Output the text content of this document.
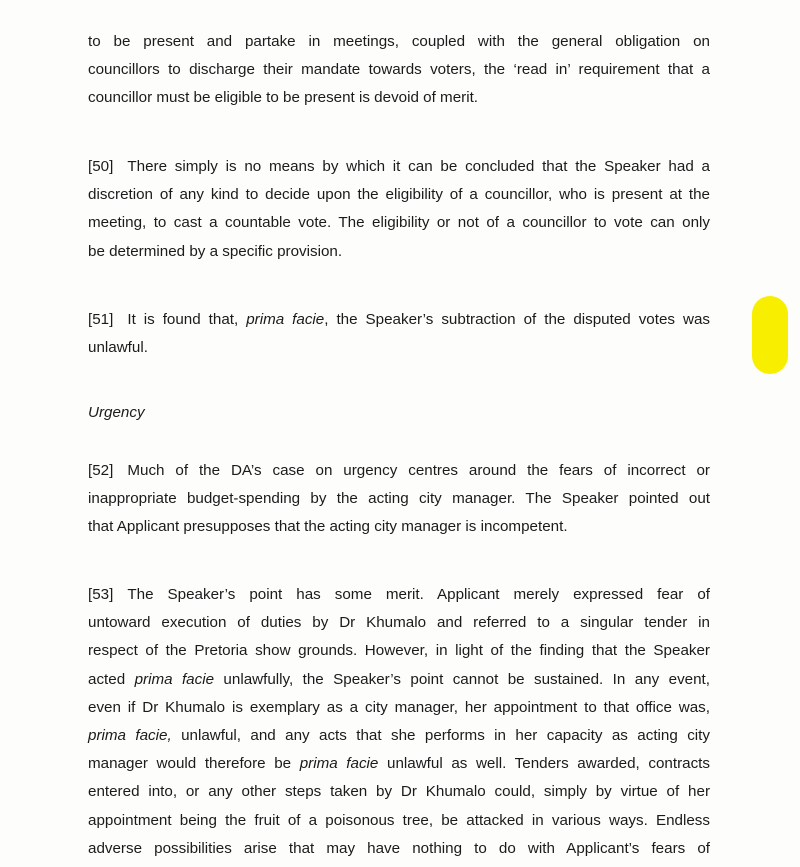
to be present and partake in meetings, coupled with the general obligation on
councillors to discharge their mandate towards voters, the ‘read in’ requirement that a
councillor must be eligible to be present is devoid of merit.
[50] There simply is no means by which it can be concluded that the Speaker had a
discretion of any kind to decide upon the eligibility of a councillor, who is present at the
meeting, to cast a countable vote. The eligibility or not of a councillor to vote can only
be determined by a specific provision.
[51] It is found that, prima facie, the Speaker’s subtraction of the disputed votes was
unlawful.
Urgency
[52] Much of the DA’s case on urgency centres around the fears of incorrect or
inappropriate budget-spending by the acting city manager. The Speaker pointed out
that Applicant presupposes that the acting city manager is incompetent.
[53] The Speaker’s point has some merit. Applicant merely expressed fear of
untoward execution of duties by Dr Khumalo and referred to a singular tender in
respect of the Pretoria show grounds. However, in light of the finding that the Speaker
acted prima facie unlawfully, the Speaker’s point cannot be sustained. In any event,
even if Dr Khumalo is exemplary as a city manager, her appointment to that office was,
prima facie, unlawful, and any acts that she performs in her capacity as acting city
manager would therefore be prima facie unlawful as well. Tenders awarded, contracts
entered into, or any other steps taken by Dr Khumalo could, simply by virtue of her
appointment being the fruit of a poisonous tree, be attacked in various ways. Endless
adverse possibilities arise that may have nothing to do with Applicant’s fears of
